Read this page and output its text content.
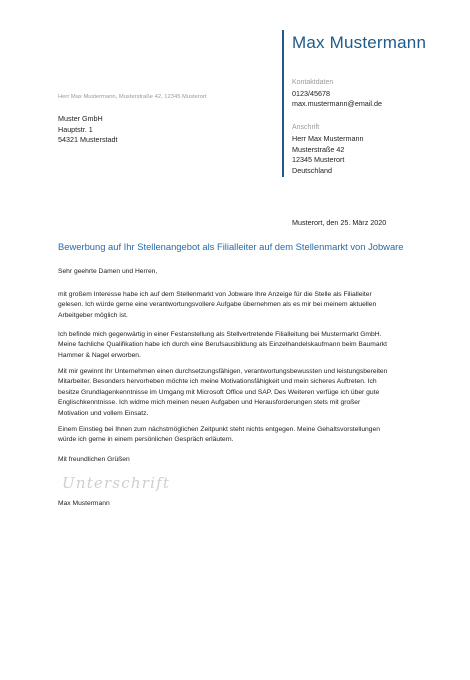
Max Mustermann
Herr Max Mustermann, Musterstraße 42, 12345 Musterort
Kontaktdaten
0123/45678
max.mustermann@email.de
Anschrift
Herr Max Mustermann
Musterstraße 42
12345 Musterort
Deutschland
Muster GmbH
Hauptstr. 1
54321 Musterstadt
Musterort, den 25. März 2020
Bewerbung auf Ihr Stellenangebot als Filialleiter auf dem Stellenmarkt von Jobware
Sehr geehrte Damen und Herren,
mit großem Interesse habe ich auf dem Stellenmarkt von Jobware Ihre Anzeige für die Stelle als Filialleiter
gelesen. Ich würde gerne eine verantwortungsvollere Aufgabe übernehmen als es mir bei meinem aktuellen
Arbeitgeber möglich ist.
Ich befinde mich gegenwärtig in einer Festanstellung als Stellvertretende Filialleitung bei Mustermarkt GmbH.
Meine fachliche Qualifikation habe ich durch eine Berufsausbildung als Einzelhandelskaufmann beim Baumarkt
Hammer & Nagel erworben.
Mit mir gewinnt Ihr Unternehmen einen durchsetzungsfähigen, verantwortungsbewussten und leistungsbereiten
Mitarbeiter. Besonders hervorheben möchte ich meine Motivationsfähigkeit und mein sicheres Auftreten. Ich
besitze Grundlagenkenntnisse im Umgang mit Microsoft Office und SAP. Des Weiteren verfüge ich über gute
Englischkenntnisse. Ich widme mich meinen neuen Aufgaben und Herausforderungen stets mit großer
Motivation und vollem Einsatz.
Einem Einstieg bei Ihnen zum nächstmöglichen Zeitpunkt steht nichts entgegen. Meine Gehaltsvorstellungen
würde ich gerne in einem persönlichen Gespräch erläutern.
Mit freundlichen Grüßen
Unterschrift
Max Mustermann
